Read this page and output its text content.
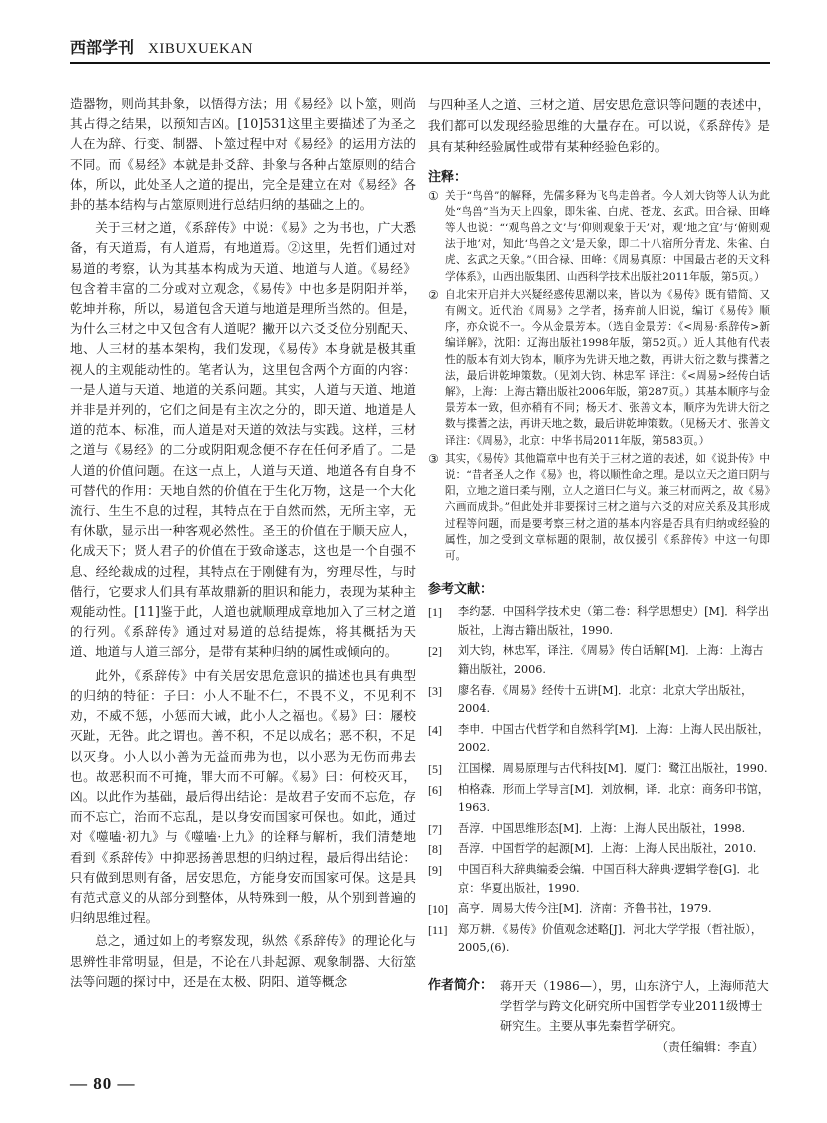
西部学刊 XIBUXUEKAN

造器物，则尚其卦象，以悟得方法；用《易经》以卜筮，则尚其占得之结果，以预知吉凶。[10]531这里主要描述了为圣之人在为辞、行变、制器、卜筮过程中对《易经》的运用方法的不同。而《易经》本就是卦爻辞、卦象与各种占筮原则的结合体，所以，此处圣人之道的提出，完全是建立在对《易经》各卦的基本结构与占筮原则进行总结归纳的基础之上的。

关于三材之道，《系辞传》中说：《易》之为书也，广大悉备，有天道焉，有人道焉，有地道焉。②这里，先哲们通过对易道的考察，认为其基本构成为天道、地道与人道。《易经》包含着丰富的二分或对立观念，《易传》中也多是阴阳并举，乾坤并称，所以，易道包含天道与地道是理所当然的。但是，为什么三材之中又包含有人道呢？撇开以六爻爻位分别配天、地、人三材的基本架构，我们发现，《易传》本身就是极其重视人的主观能动性的。笔者认为，这里包含两个方面的内容：一是人道与天道、地道的关系问题。其实，人道与天道、地道并非是并列的，它们之间是有主次之分的，即天道、地道是人道的范本、标准，而人道是对天道的效法与实践。这样，三材之道与《易经》的二分或阴阳观念便不存在任何矛盾了。二是人道的价值问题。在这一点上，人道与天道、地道各有自身不可替代的作用：天地自然的价值在于生化万物，这是一个大化流行、生生不息的过程，其特点在于自然而然，无所主宰，无有休歇，显示出一种客观必然性。圣王的价值在于顺天应人，化成天下；贤人君子的价值在于致命遂志，这也是一个自强不息、经纶裁成的过程，其特点在于刚健有为，穷理尽性，与时偕行，它要求人们具有革故鼎新的胆识和能力，表现为某种主观能动性。[11]鉴于此，人道也就顺理成章地加入了三材之道的行列。《系辞传》通过对易道的总结提炼，将其概括为天道、地道与人道三部分，是带有某种归纳的属性或倾向的。

此外，《系辞传》中有关居安思危意识的描述也具有典型的归纳的特征：子曰：小人不耻不仁，不畏不义，不见利不劝，不威不惩，小惩而大诫，此小人之福也。《易》曰：屦校灭趾，无咎。此之谓也。善不积，不足以成名；恶不积，不足以灭身。小人以小善为无益而弗为也，以小恶为无伤而弗去也。故恶积而不可掩，罪大而不可解。《易》曰：何校灭耳，凶。以此作为基础，最后得出结论：是故君子安而不忘危，存而不忘亡，治而不忘乱，是以身安而国家可保也。如此，通过对《噬嗑·初九》与《噬嗑·上九》的诠释与解析，我们清楚地看到《系辞传》中抑恶扬善思想的归纳过程，最后得出结论：只有做到思则有备，居安思危，方能身安而国家可保。这是具有范式意义的从部分到整体，从特殊到一般，从个别到普遍的归纳思维过程。

总之，通过如上的考察发现，纵然《系辞传》的理论化与思辨性非常明显，但是，不论在八卦起源、观象制器、大衍筮法等问题的探讨中，还是在太极、阴阳、道等概念

与四种圣人之道、三材之道、居安思危意识等问题的表述中，我们都可以发现经验思维的大量存在。可以说，《系辞传》是具有某种经验属性或带有某种经验色彩的。

注释：
① 关于“鸟兽”的解释，先儒多释为飞鸟走兽者。今人刘大钧等人认为此处“鸟兽”当为天上四象，即朱雀、白虎、苍龙、玄武。田合禄、田峰等人也说：“‘观鸟兽之文’与‘仰则观象于天’对，观‘地之宜’与‘俯则观法于地’对，知此‘鸟兽之文’是天象，即二十八宿所分青龙、朱雀、白虎、玄武之天象。”（田合禄、田峰：《周易真原：中国最古老的天文科学体系》，山西出版集团、山西科学技术出版社2011年版，第5页。）
② 自北宋开启并大兴疑经惑传思潮以来，皆以为《易传》既有错简、又有阙文。近代治《周易》之学者，扬弃前人旧说，编订《易传》顺序，亦众说不一。今从金景芳本。（选自金景芳：《<周易·系辞传>新编详解》，沈阳：辽海出版社1998年版，第52页。）近人其他有代表性的版本有刘大钧本，顺序为先讲天地之数，再讲大衍之数与揲蓍之法，最后讲乾坤策数。（见刘大钧、林忠军 译注：《<周易>经传白话解》，上海：上海古籍出版社2006年版，第287页。）其基本顺序与金景芳本一致，但亦稍有不同；杨天才、张善文本，顺序为先讲大衍之数与揲蓍之法，再讲天地之数，最后讲乾坤策数。（见杨天才、张善文 译注：《周易》，北京：中华书局2011年版，第583页。）
③ 其实，《易传》其他篇章中也有关于三材之道的表述，如《说卦传》中说：“昔者圣人之作《易》也，将以顺性命之理。是以立天之道曰阴与阳，立地之道曰柔与刚，立人之道曰仁与义。兼三材而两之，故《易》六画而成卦。”但此处并非要探讨三材之道与六爻的对应关系及其形成过程等问题，而是要考察三材之道的基本内容是否具有归纳或经验的属性，加之受到文章标题的限制，故仅援引《系辞传》中这一句即可。
参考文献：
[1]	李约瑟．中国科学技术史（第二卷：科学思想史）[M]．科学出版社，上海古籍出版社，1990.
[2]	刘大钧，林忠军，译注．《周易》传白话解[M]．上海：上海古籍出版社，2006.
[3]	廖名春．《周易》经传十五讲[M]．北京：北京大学出版社，2004.
[4]	李申．中国古代哲学和自然科学[M]．上海：上海人民出版社，2002.
[5]	江国樑．周易原理与古代科技[M]．厦门：鹭江出版社，1990.
[6]	柏格森．形而上学导言[M]．刘放桐，译．北京：商务印书馆，1963.
[7]	吾淳．中国思维形态[M]．上海：上海人民出版社，1998.
[8]	吾淳．中国哲学的起源[M]．上海：上海人民出版社，2010.
[9]	中国百科大辞典编委会编．中国百科大辞典·逻辑学卷[G]．北京：华夏出版社，1990.
[10] 高亨．周易大传今注[M]．济南：齐鲁书社，1979.
[11] 郑万耕．《易传》价值观念述略[J]．河北大学学报（哲社版），2005,(6).
作者简介： 蒋开天（1986—），男，山东济宁人，上海师范大学哲学与跨文化研究所中国哲学专业2011级博士研究生。主要从事先秦哲学研究。
（责任编辑：李直）
— 80 —
